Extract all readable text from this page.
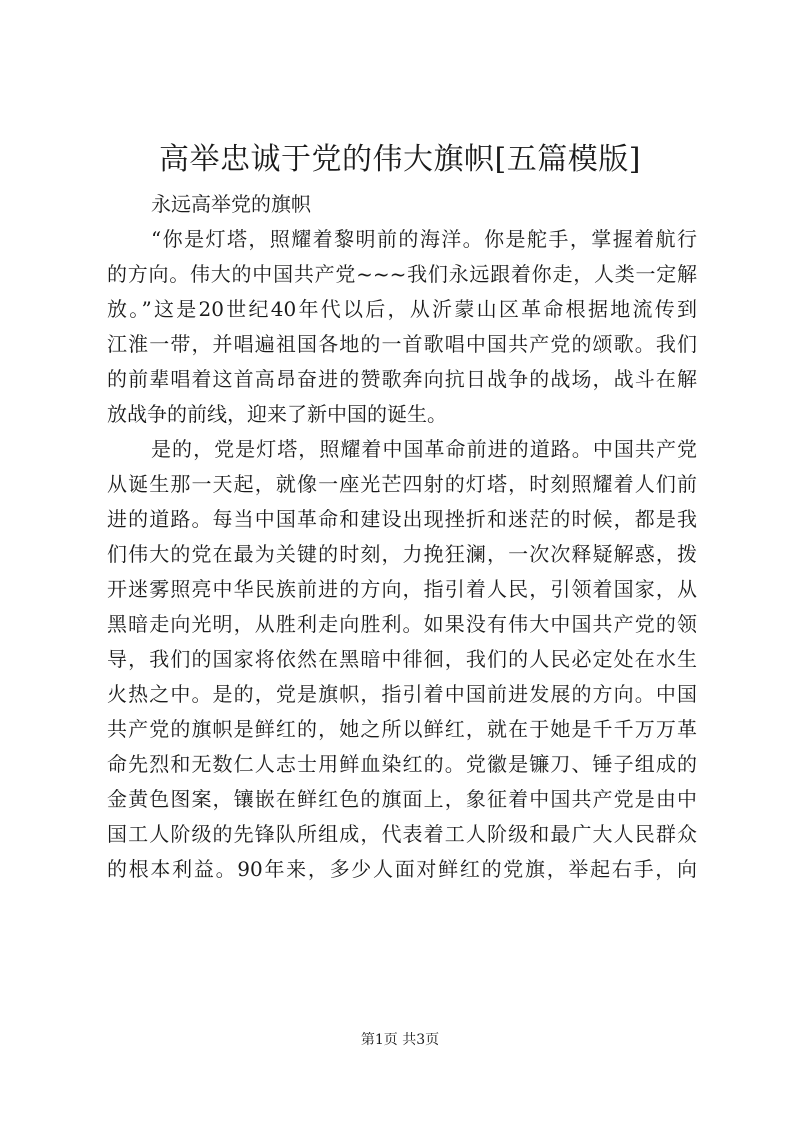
高举忠诚于党的伟大旗帜[五篇模版]

永远高举党的旗帜

“你是灯塔，照耀着黎明前的海洋。你是舵手，掌握着航行
的方向。伟大的中国共产党~~~我们永远跟着你走，人类一定解
放。”这是20世纪40年代以后，从沂蒙山区革命根据地流传到
江淮一带，并唱遍祖国各地的一首歌唱中国共产党的颂歌。我们
的前辈唱着这首高昂奋进的赞歌奔向抗日战争的战场，战斗在解
放战争的前线，迎来了新中国的诞生。

是的，党是灯塔，照耀着中国革命前进的道路。中国共产党
从诞生那一天起，就像一座光芒四射的灯塔，时刻照耀着人们前
进的道路。每当中国革命和建设出现挫折和迷茫的时候，都是我
们伟大的党在最为关键的时刻，力挽狂澜，一次次释疑解惑，拨
开迷雾照亮中华民族前进的方向，指引着人民，引领着国家，从
黑暗走向光明，从胜利走向胜利。如果没有伟大中国共产党的领
导，我们的国家将依然在黑暗中徘徊，我们的人民必定处在水生
火热之中。是的，党是旗帜，指引着中国前进发展的方向。中国
共产党的旗帜是鲜红的，她之所以鲜红，就在于她是千千万万革
命先烈和无数仁人志士用鲜血染红的。党徽是镰刀、锤子组成的
金黄色图案，镶嵌在鲜红色的旗面上，象征着中国共产党是由中
国工人阶级的先锋队所组成，代表着工人阶级和最广大人民群众
的根本利益。90年来，多少人面对鲜红的党旗，举起右手，向

第1页 共3页
